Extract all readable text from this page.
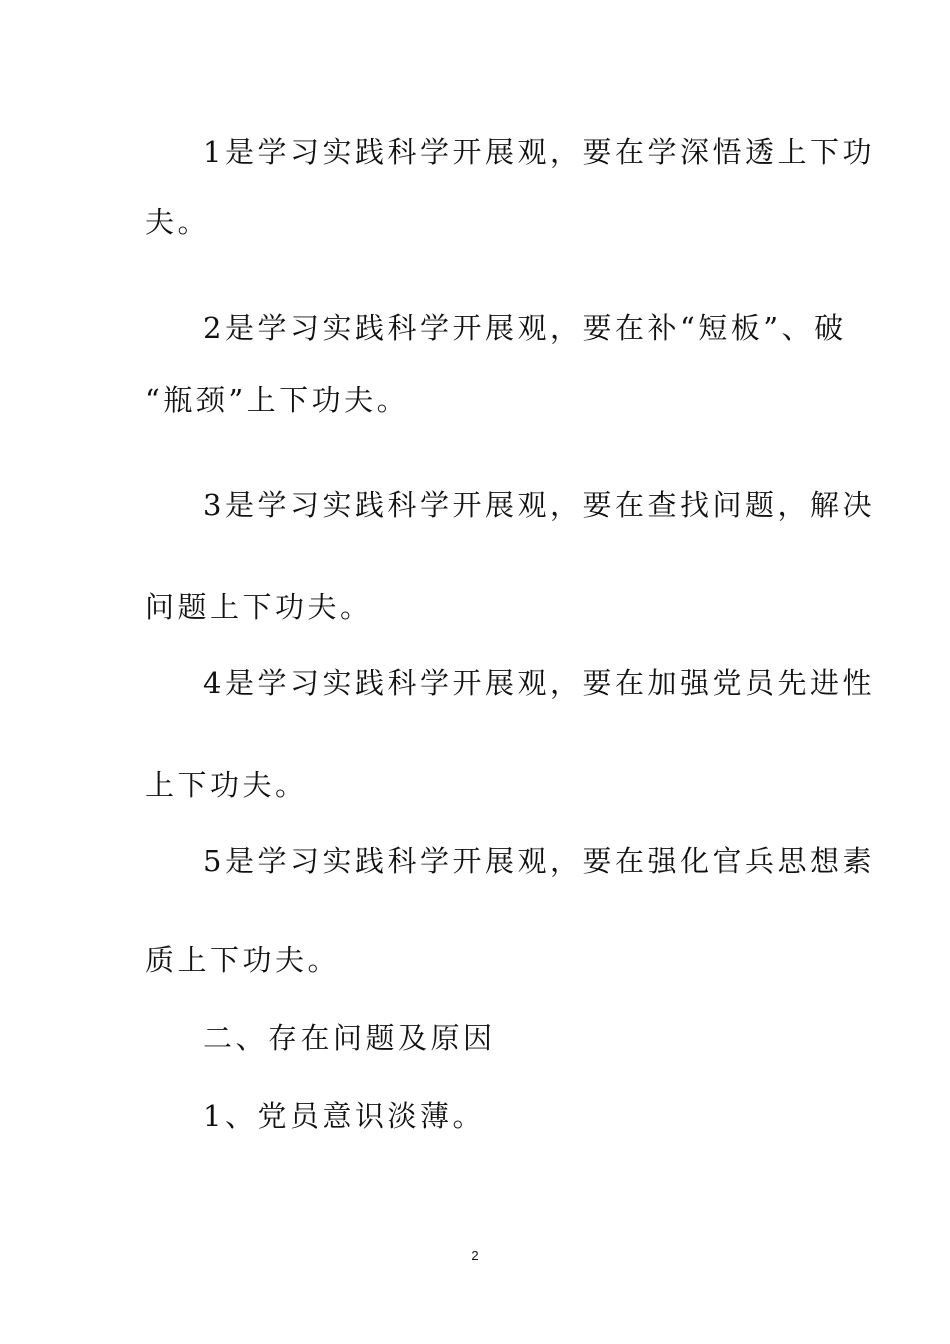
1是学习实践科学开展观，要在学深悟透上下功
夫。
2是学习实践科学开展观，要在补“短板”、破
“瓶颈”上下功夫。
3是学习实践科学开展观，要在查找问题，解决
问题上下功夫。
4是学习实践科学开展观，要在加强党员先进性
上下功夫。
5是学习实践科学开展观，要在强化官兵思想素
质上下功夫。
二、存在问题及原因
1、党员意识淡薄。
2
